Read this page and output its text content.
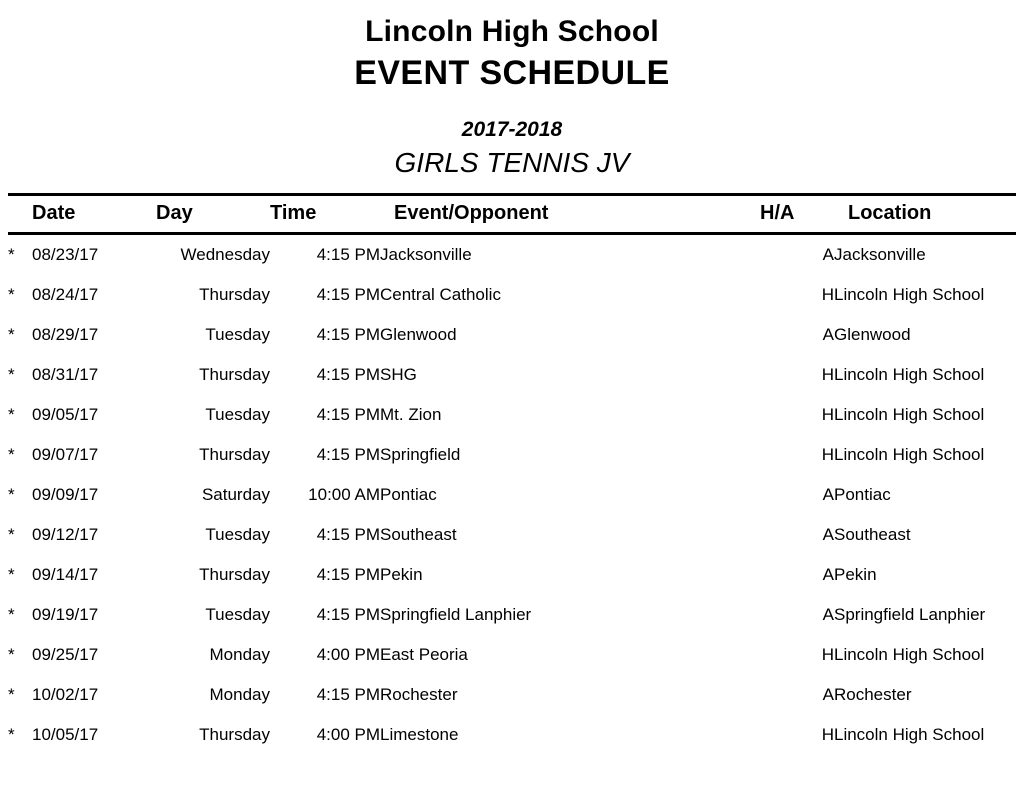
Lincoln High School
EVENT SCHEDULE
2017-2018
GIRLS TENNIS JV
	Date	Day	Time	Event/Opponent	H/A	Location
*	08/23/17	Wednesday	4:15 PM	Jacksonville	A	Jacksonville
*	08/24/17	Thursday	4:15 PM	Central Catholic	H	Lincoln High School
*	08/29/17	Tuesday	4:15 PM	Glenwood	A	Glenwood
*	08/31/17	Thursday	4:15 PM	SHG	H	Lincoln High School
*	09/05/17	Tuesday	4:15 PM	Mt. Zion	H	Lincoln High School
*	09/07/17	Thursday	4:15 PM	Springfield	H	Lincoln High School
*	09/09/17	Saturday	10:00 AM	Pontiac	A	Pontiac
*	09/12/17	Tuesday	4:15 PM	Southeast	A	Southeast
*	09/14/17	Thursday	4:15 PM	Pekin	A	Pekin
*	09/19/17	Tuesday	4:15 PM	Springfield Lanphier	A	Springfield Lanphier
*	09/25/17	Monday	4:00 PM	East Peoria	H	Lincoln High School
*	10/02/17	Monday	4:15 PM	Rochester	A	Rochester
*	10/05/17	Thursday	4:00 PM	Limestone	H	Lincoln High School
